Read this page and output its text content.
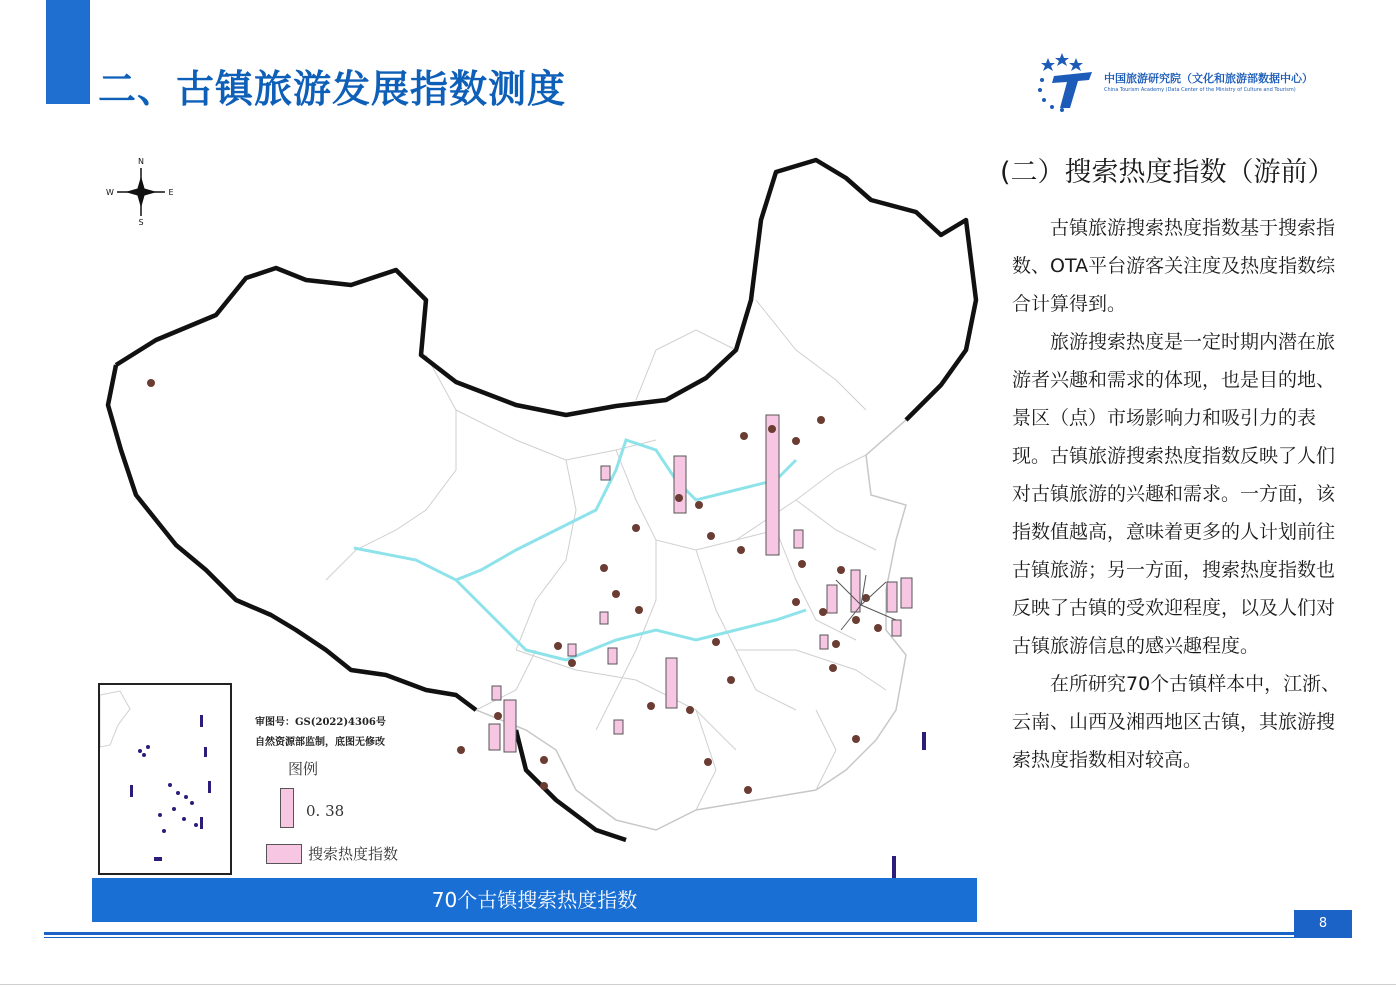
二、古镇旅游发展指数测度	中国旅游研究院（文化和旅游部数据中心）
China Tourism Academy (Data Center of the Ministry of Culture and Tourism)
N
S
W	E
审图号：GS(2022)4306号
自然资源部监制，底图无修改
图例
0. 38
搜索热度指数
70个古镇搜索热度指数
(二）搜索热度指数（游前）

古镇旅游搜索热度指数基于搜索指数、OTA平台游客关注度及热度指数综合计算得到。

旅游搜索热度是一定时期内潜在旅游者兴趣和需求的体现，也是目的地、景区（点）市场影响力和吸引力的表现。古镇旅游搜索热度指数反映了人们对古镇旅游的兴趣和需求。一方面，该指数值越高，意味着更多的人计划前往古镇旅游；另一方面，搜索热度指数也反映了古镇的受欢迎程度，以及人们对古镇旅游信息的感兴趣程度。

在所研究70个古镇样本中，江浙、云南、山西及湘西地区古镇，其旅游搜索热度指数相对较高。

8
